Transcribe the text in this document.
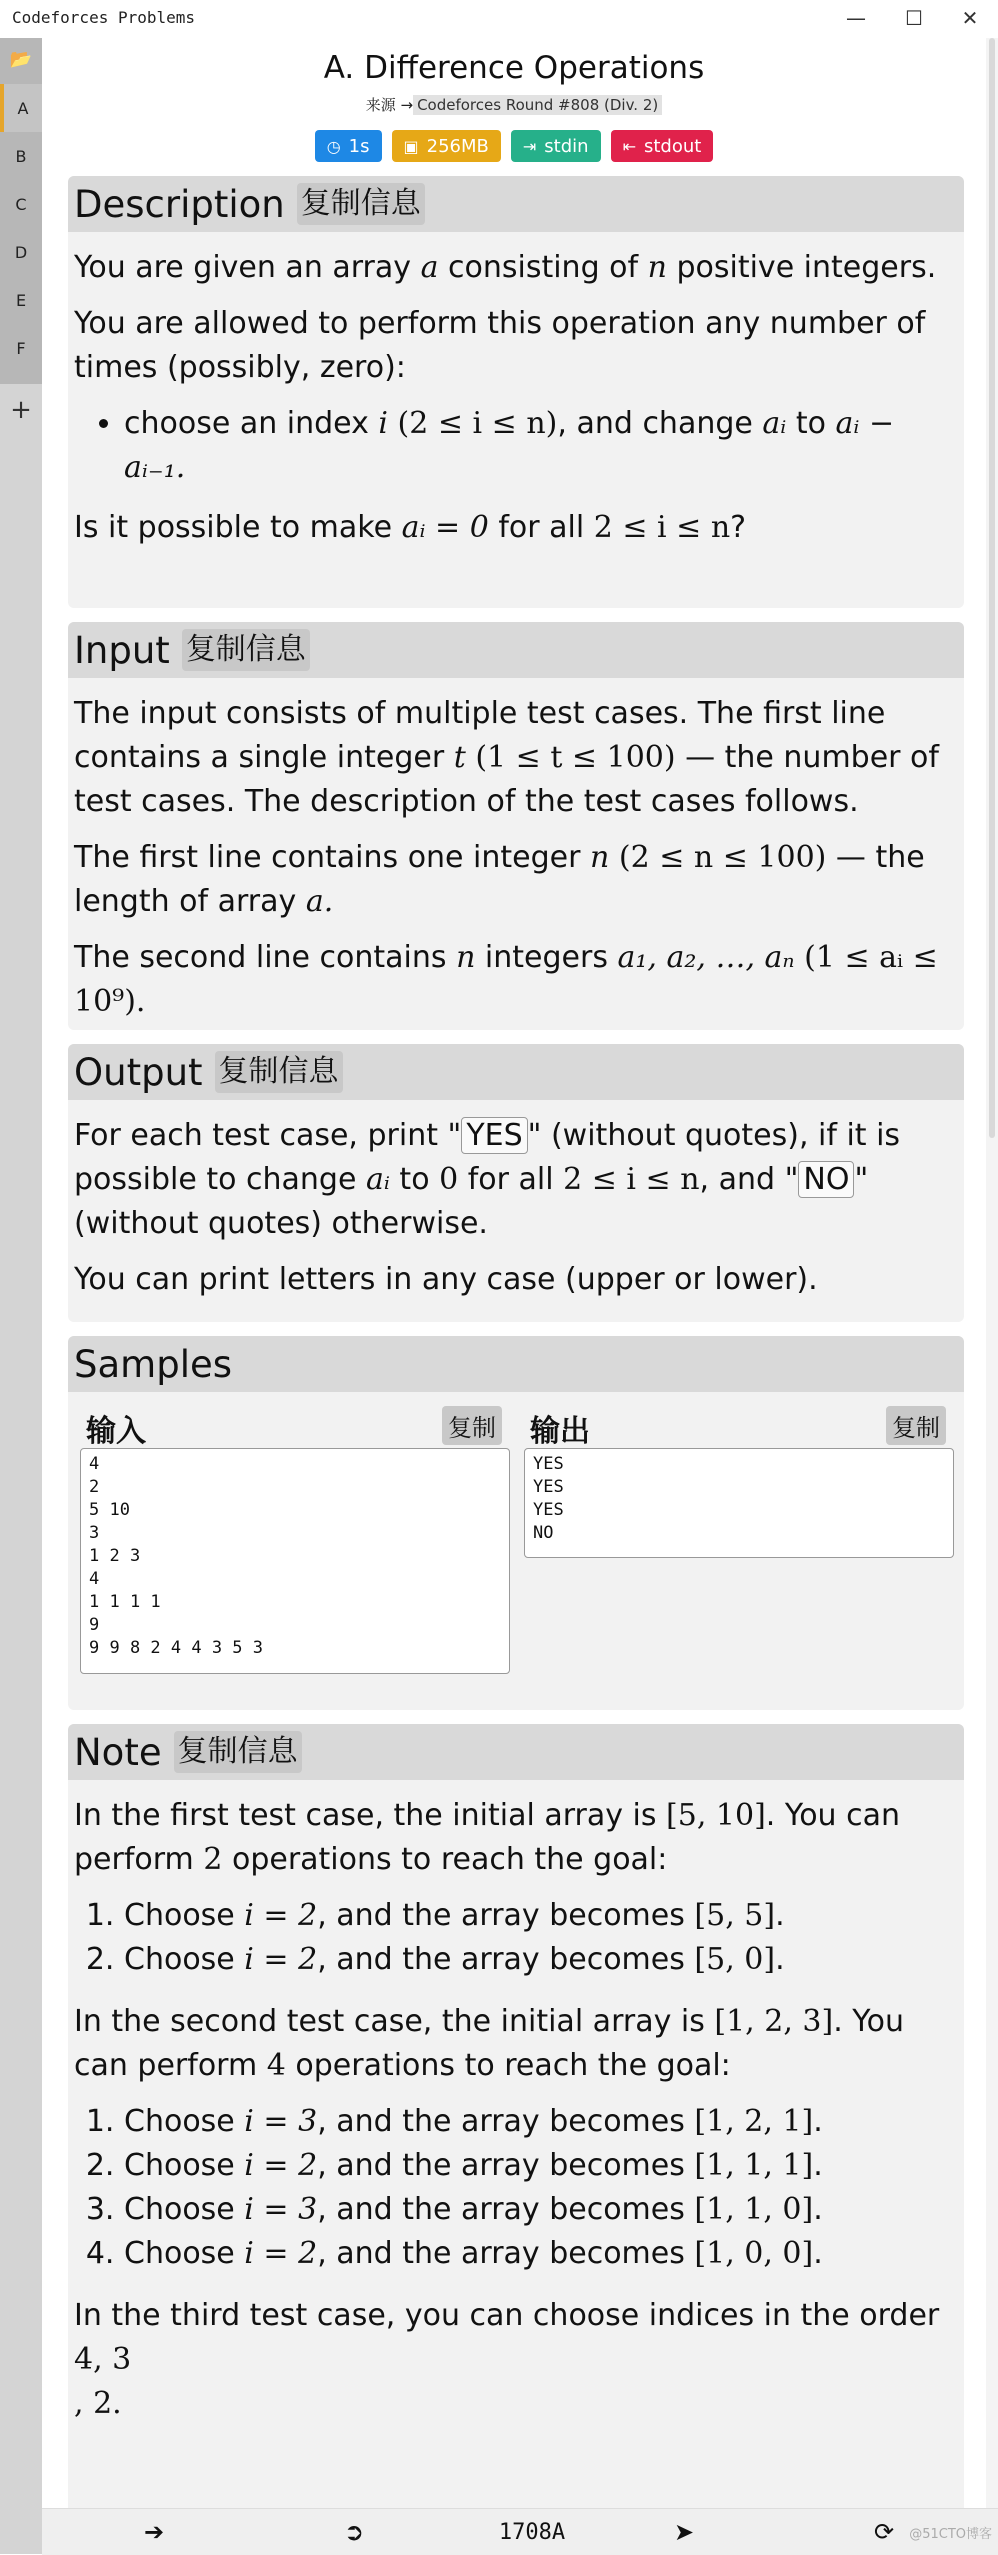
Codeforces Problems	—	☐	✕
📂
A
B
C
D
E
F
+
A. Difference Operations
来源 → Codeforces Round #808 (Div. 2)
◷ 1s ▣ 256MB ⇥ stdin ⇤ stdout
Description 复制信息

You are given an array a consisting of n positive integers.

You are allowed to perform this operation any number of times (possibly, zero):

• choose an index i (2 ≤ i ≤ n), and change aᵢ to aᵢ −
aᵢ₋₁.

Is it possible to make aᵢ = 0 for all 2 ≤ i ≤ n?

Input 复制信息

The input consists of multiple test cases. The first line contains a single integer t (1 ≤ t ≤ 100) — the number of test cases. The description of the test cases follows.

The first line contains one integer n (2 ≤ n ≤ 100) — the length of array a.

The second line contains n integers a₁, a₂, …, aₙ (1 ≤ aᵢ ≤ 10⁹).

Output 复制信息

For each test case, print " YES " (without quotes), if it is possible to change aᵢ to 0 for all 2 ≤ i ≤ n, and " NO " (without quotes) otherwise.

You can print letters in any case (upper or lower).

Samples
输入	复制 输出	复制
4
2
5 10
3
1 2 3
4
1 1 1 1
9
9 9 8 2 4 4 3 5 3
YES
YES
YES
NO
Note 复制信息

In the first test case, the initial array is [5, 10]. You can perform 2 operations to reach the goal:

1. Choose i = 2, and the array becomes [5, 5].
2. Choose i = 2, and the array becomes [5, 0].

In the second test case, the initial array is [1, 2, 3]. You can perform 4 operations to reach the goal:

1. Choose i = 3, and the array becomes [1, 2, 1].
2. Choose i = 2, and the array becomes [1, 1, 1].
3. Choose i = 3, and the array becomes [1, 1, 0].
4. Choose i = 2, and the array becomes [1, 0, 0].

In the third test case, you can choose indices in the order 4, 3
, 2.

➔	➲	1708A	➤	⟳	@51CTO博客
